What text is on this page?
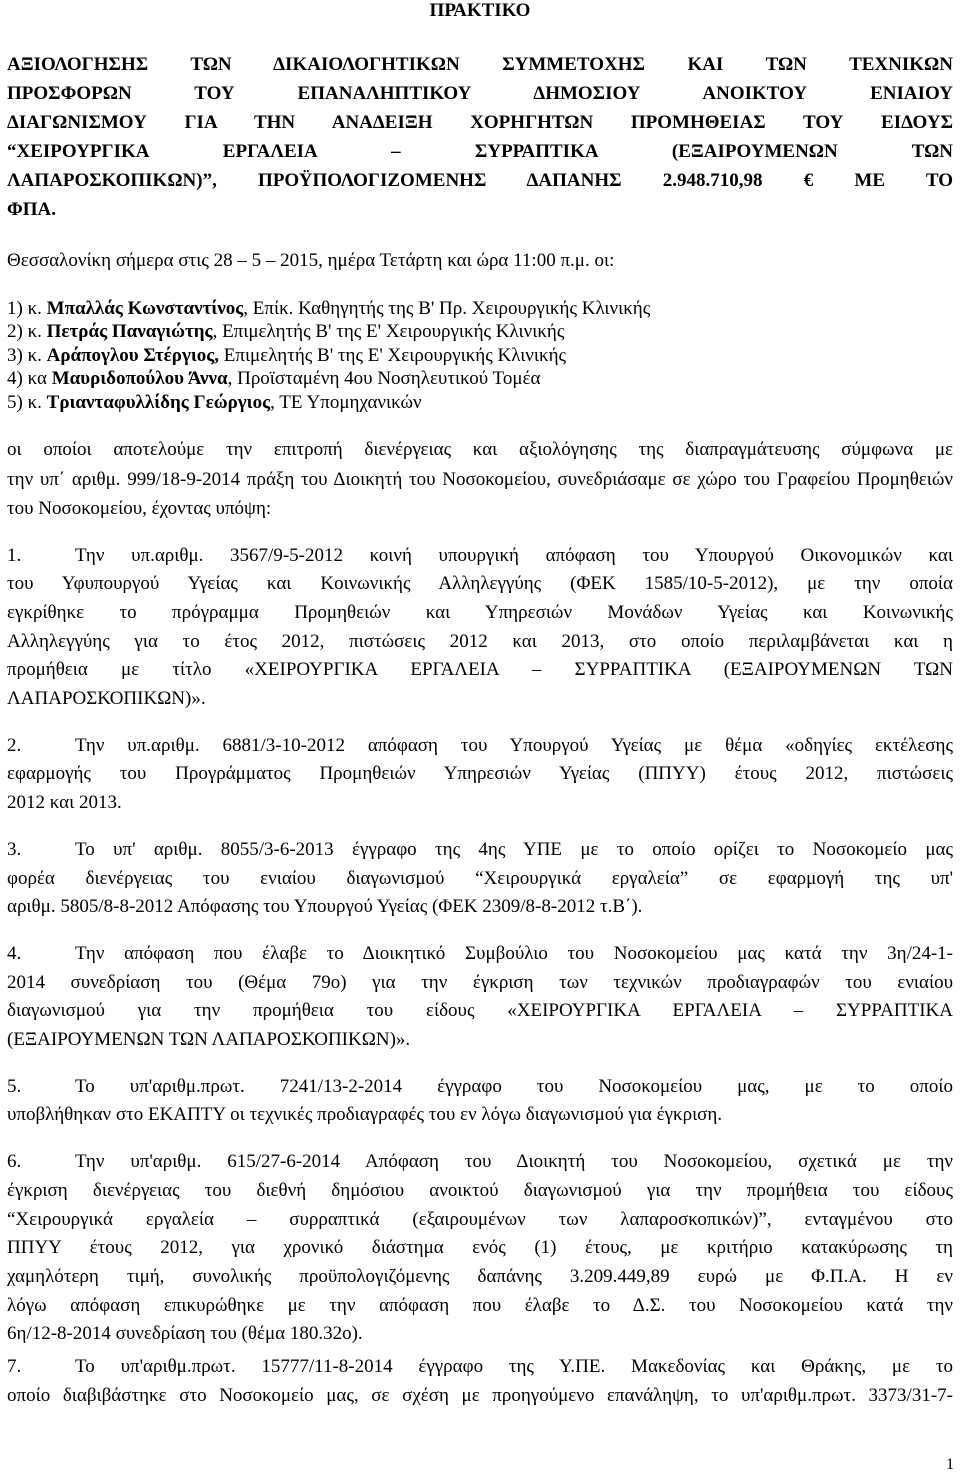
ΠΡΑΚΤΙΚΟ
ΑΞΙΟΛΟΓΗΣΗΣ ΤΩΝ ΔΙΚΑΙΟΛΟΓΗΤΙΚΩΝ ΣΥΜΜΕΤΟΧΗΣ ΚΑΙ ΤΩΝ ΤΕΧΝΙΚΩΝ
ΠΡΟΣΦΟΡΩΝ ΤΟΥ ΕΠΑΝΑΛΗΠΤΙΚΟΥ ΔΗΜΟΣΙΟΥ ΑΝΟΙΚΤΟΥ ΕΝΙΑΙΟΥ
ΔΙΑΓΩΝΙΣΜΟΥ ΓΙΑ ΤΗΝ ΑΝΑΔΕΙΞΗ ΧΟΡΗΓΗΤΩΝ ΠΡΟΜΗΘΕΙΑΣ ΤΟΥ ΕΙΔΟΥΣ
“ΧΕΙΡΟΥΡΓΙΚΑ ΕΡΓΑΛΕΙΑ – ΣΥΡΡΑΠΤΙΚΑ (ΕΞΑΙΡΟΥΜΕΝΩΝ ΤΩΝ
ΛΑΠΑΡΟΣΚΟΠΙΚΩΝ)”, ΠΡΟΫΠΟΛΟΓΙΖΟΜΕΝΗΣ ΔΑΠΑΝΗΣ 2.948.710,98 € ΜΕ ΤΟ
ΦΠΑ.
Θεσσαλονίκη σήμερα στις 28 – 5 – 2015, ημέρα Τετάρτη και ώρα 11:00 π.μ. οι:
1) κ. Μπαλλάς Κωνσταντίνος, Επίκ. Καθηγητής της Β' Πρ. Χειρουργικής Κλινικής
2) κ. Πετράς Παναγιώτης, Επιμελητής Β' της Ε' Χειρουργικής Κλινικής
3) κ. Αράπογλου Στέργιος, Επιμελητής Β' της Ε' Χειρουργικής Κλινικής
4) κα Μαυριδοπούλου Άννα, Προϊσταμένη 4ου Νοσηλευτικού Τομέα
5) κ. Τριανταφυλλίδης Γεώργιος, ΤΕ Υπομηχανικών
οι οποίοι αποτελούμε την επιτροπή διενέργειας και αξιολόγησης της διαπραγμάτευσης σύμφωνα με
την υπ΄ αριθμ. 999/18-9-2014 πράξη του Διοικητή του Νοσοκομείου, συνεδριάσαμε σε χώρο του Γραφείου Προμηθειών του Νοσοκομείου, έχοντας υπόψη:
1.	Την υπ.αριθμ. 3567/9-5-2012 κοινή υπουργική απόφαση του Υπουργού Οικονομικών και
του Υφυπουργού Υγείας και Κοινωνικής Αλληλεγγύης (ΦΕΚ 1585/10-5-2012), με την οποία
εγκρίθηκε το πρόγραμμα Προμηθειών και Υπηρεσιών Μονάδων Υγείας και Κοινωνικής
Αλληλεγγύης για το έτος 2012, πιστώσεις 2012 και 2013, στο οποίο περιλαμβάνεται και η
προμήθεια με τίτλο «ΧΕΙΡΟΥΡΓΙΚΑ ΕΡΓΑΛΕΙΑ – ΣΥΡΡΑΠΤΙΚΑ (ΕΞΑΙΡΟΥΜΕΝΩΝ ΤΩΝ
ΛΑΠΑΡΟΣΚΟΠΙΚΩΝ)».
2.	Την υπ.αριθμ. 6881/3-10-2012 απόφαση του Υπουργού Υγείας με θέμα «οδηγίες εκτέλεσης
εφαρμογής του Προγράμματος Προμηθειών Υπηρεσιών Υγείας (ΠΠΥΥ) έτους 2012, πιστώσεις
2012 και 2013.
3.	Το υπ' αριθμ. 8055/3-6-2013 έγγραφο της 4ης ΥΠΕ με το οποίο ορίζει το Νοσοκομείο μας
φορέα διενέργειας του ενιαίου διαγωνισμού “Χειρουργικά εργαλεία” σε εφαρμογή της υπ'
αριθμ. 5805/8-8-2012 Απόφασης του Υπουργού Υγείας (ΦΕΚ 2309/8-8-2012 τ.Β΄).
4.	Την απόφαση που έλαβε το Διοικητικό Συμβούλιο του Νοσοκομείου μας κατά την 3η/24-1-
2014 συνεδρίαση του (Θέμα 79ο) για την έγκριση των τεχνικών προδιαγραφών του ενιαίου
διαγωνισμού για την προμήθεια του είδους «ΧΕΙΡΟΥΡΓΙΚΑ ΕΡΓΑΛΕΙΑ – ΣΥΡΡΑΠΤΙΚΑ
(ΕΞΑΙΡΟΥΜΕΝΩΝ ΤΩΝ ΛΑΠΑΡΟΣΚΟΠΙΚΩΝ)».
5.	Το υπ'αριθμ.πρωτ. 7241/13-2-2014 έγγραφο του Νοσοκομείου μας, με το οποίο
υποβλήθηκαν στο ΕΚΑΠΤΥ οι τεχνικές προδιαγραφές του εν λόγω διαγωνισμού για έγκριση.
6.	Την υπ'αριθμ. 615/27-6-2014 Απόφαση του Διοικητή του Νοσοκομείου, σχετικά με την
έγκριση διενέργειας του διεθνή δημόσιου ανοικτού διαγωνισμού για την προμήθεια του είδους
“Χειρουργικά εργαλεία – συρραπτικά (εξαιρουμένων των λαπαροσκοπικών)”, ενταγμένου στο
ΠΠΥΥ έτους 2012, για χρονικό διάστημα ενός (1) έτους, με κριτήριο κατακύρωσης τη
χαμηλότερη τιμή, συνολικής προϋπολογιζόμενης δαπάνης 3.209.449,89 ευρώ με Φ.Π.Α. Η εν
λόγω απόφαση επικυρώθηκε με την απόφαση που έλαβε το Δ.Σ. του Νοσοκομείου κατά την
6η/12-8-2014 συνεδρίαση του (θέμα 180.32ο).
7.	Το υπ'αριθμ.πρωτ. 15777/11-8-2014 έγγραφο της Υ.ΠΕ. Μακεδονίας και Θράκης, με το
οποίο διαβιβάστηκε στο Νοσοκομείο μας, σε σχέση με προηγούμενο επανάληψη, το υπ'αριθμ.πρωτ. 3373/31-7-
1
